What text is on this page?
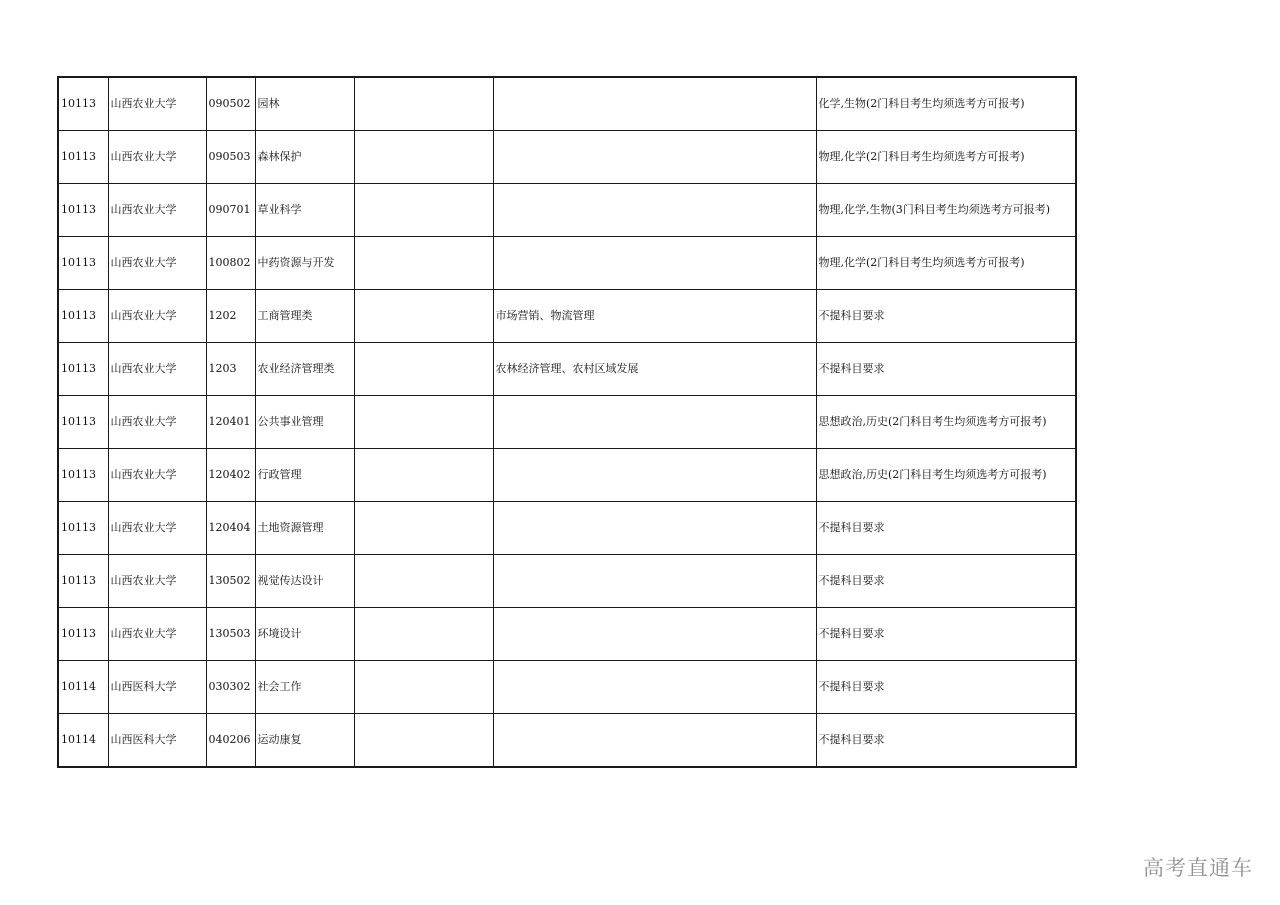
10113	山西农业大学	090502	园林			化学,生物(2门科目考生均须选考方可报考)
10113	山西农业大学	090503	森林保护			物理,化学(2门科目考生均须选考方可报考)
10113	山西农业大学	090701	草业科学			物理,化学,生物(3门科目考生均须选考方可报考)
10113	山西农业大学	100802	中药资源与开发			物理,化学(2门科目考生均须选考方可报考)
10113	山西农业大学	1202	工商管理类		市场营销、物流管理	不提科目要求
10113	山西农业大学	1203	农业经济管理类		农林经济管理、农村区域发展	不提科目要求
10113	山西农业大学	120401	公共事业管理			思想政治,历史(2门科目考生均须选考方可报考)
10113	山西农业大学	120402	行政管理			思想政治,历史(2门科目考生均须选考方可报考)
10113	山西农业大学	120404	土地资源管理			不提科目要求
10113	山西农业大学	130502	视觉传达设计			不提科目要求
10113	山西农业大学	130503	环境设计			不提科目要求
10114	山西医科大学	030302	社会工作			不提科目要求
10114	山西医科大学	040206	运动康复			不提科目要求
高考直通车
